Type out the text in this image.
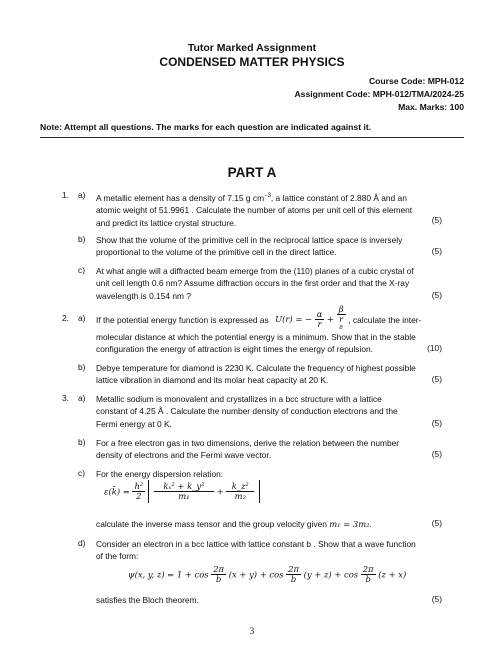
Tutor Marked Assignment
CONDENSED MATTER PHYSICS
Course Code: MPH-012
Assignment Code: MPH-012/TMA/2024-25
Max. Marks: 100
Note: Attempt all questions. The marks for each question are indicated against it.
PART A
1. a) A metallic element has a density of 7.15 g $cm^{-3}$, a lattice constant of 2.880 Å and an
atomic weight of 51.9961 . Calculate the number of atoms per unit cell of this element
and predict its lattice crystal structure.	(5)
b) Show that the volume of the primitive cell in the reciprocal lattice space is inversely
proportional to the volume of the primitive cell in the direct lattice.	(5)
c) At what angle will a diffracted beam emerge from the (110) planes of a cubic crystal of
unit cell length 0.6 nm? Assume diffraction occurs in the first order and that the X-ray
wavelength is 0.154 nm ?	(5)
2. a) If the potential energy function is expressed as U(r) = − $\frac{\alpha}{r} + \beta$
r
$^8$ , calculate the inter-
molecular distance at which the potential energy is a minimum. Show that in the stable
configuration the energy of attraction is eight times the energy of repulsion.	(10)
b) Debye temperature for diamond is 2230 K. Calculate the frequency of highest possible
lattice vibration in diamond and its molar heat capacity at 20 K.	(5)
3. a) Metallic sodium is monovalent and crystallizes in a bcc structure with a lattice
constant of 4.25 Å . Calculate the number density of conduction electrons and the
Fermi energy at 0 K.	(5)
b) For a free electron gas in two dimensions, derive the relation between the number
density of electrons and the Fermi wave vector.	(5)
c) For the energy dispersion relation:
ε(k̄) = $\frac{\text{h²}}{2}$
$\frac{\text{kₓ² + k\_y²}}{\text{m₁}} + \frac{\text{k\_z²}}{\text{m₂}}$
calculate the inverse mass tensor and the group velocity given m₁ = 3m₂.	(5)
d) Consider an electron in a bcc lattice with lattice constant b . Show that a wave function
of the form:
ψ(x, y, $z) = 1 + \cos \frac{2\pi}{b} (x + y) + \cos \frac{2\pi}{b} (y + z) + \cos \frac{2\pi}{b} (z + x)$
satisfies the Bloch theorem.	(5)
3
